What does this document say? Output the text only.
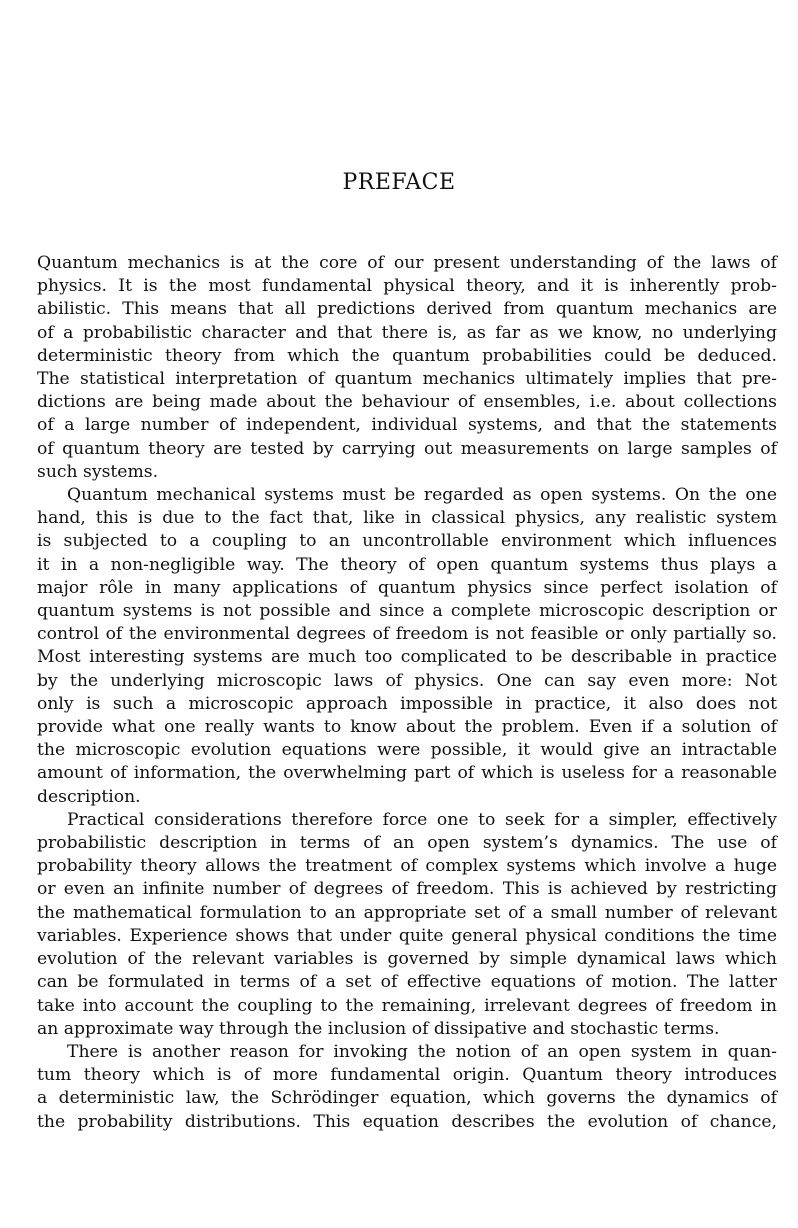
PREFACE
Quantum mechanics is at the core of our present understanding of the laws of
physics. It is the most fundamental physical theory, and it is inherently prob-
abilistic. This means that all predictions derived from quantum mechanics are
of a probabilistic character and that there is, as far as we know, no underlying
deterministic theory from which the quantum probabilities could be deduced.
The statistical interpretation of quantum mechanics ultimately implies that pre-
dictions are being made about the behaviour of ensembles, i.e. about collections
of a large number of independent, individual systems, and that the statements
of quantum theory are tested by carrying out measurements on large samples of
such systems.
Quantum mechanical systems must be regarded as open systems. On the one
hand, this is due to the fact that, like in classical physics, any realistic system
is subjected to a coupling to an uncontrollable environment which influences
it in a non-negligible way. The theory of open quantum systems thus plays a
major rôle in many applications of quantum physics since perfect isolation of
quantum systems is not possible and since a complete microscopic description or
control of the environmental degrees of freedom is not feasible or only partially so.
Most interesting systems are much too complicated to be describable in practice
by the underlying microscopic laws of physics. One can say even more: Not
only is such a microscopic approach impossible in practice, it also does not
provide what one really wants to know about the problem. Even if a solution of
the microscopic evolution equations were possible, it would give an intractable
amount of information, the overwhelming part of which is useless for a reasonable
description.
Practical considerations therefore force one to seek for a simpler, effectively
probabilistic description in terms of an open system’s dynamics. The use of
probability theory allows the treatment of complex systems which involve a huge
or even an infinite number of degrees of freedom. This is achieved by restricting
the mathematical formulation to an appropriate set of a small number of relevant
variables. Experience shows that under quite general physical conditions the time
evolution of the relevant variables is governed by simple dynamical laws which
can be formulated in terms of a set of effective equations of motion. The latter
take into account the coupling to the remaining, irrelevant degrees of freedom in
an approximate way through the inclusion of dissipative and stochastic terms.
There is another reason for invoking the notion of an open system in quan-
tum theory which is of more fundamental origin. Quantum theory introduces
a deterministic law, the Schrödinger equation, which governs the dynamics of
the probability distributions. This equation describes the evolution of chance,
